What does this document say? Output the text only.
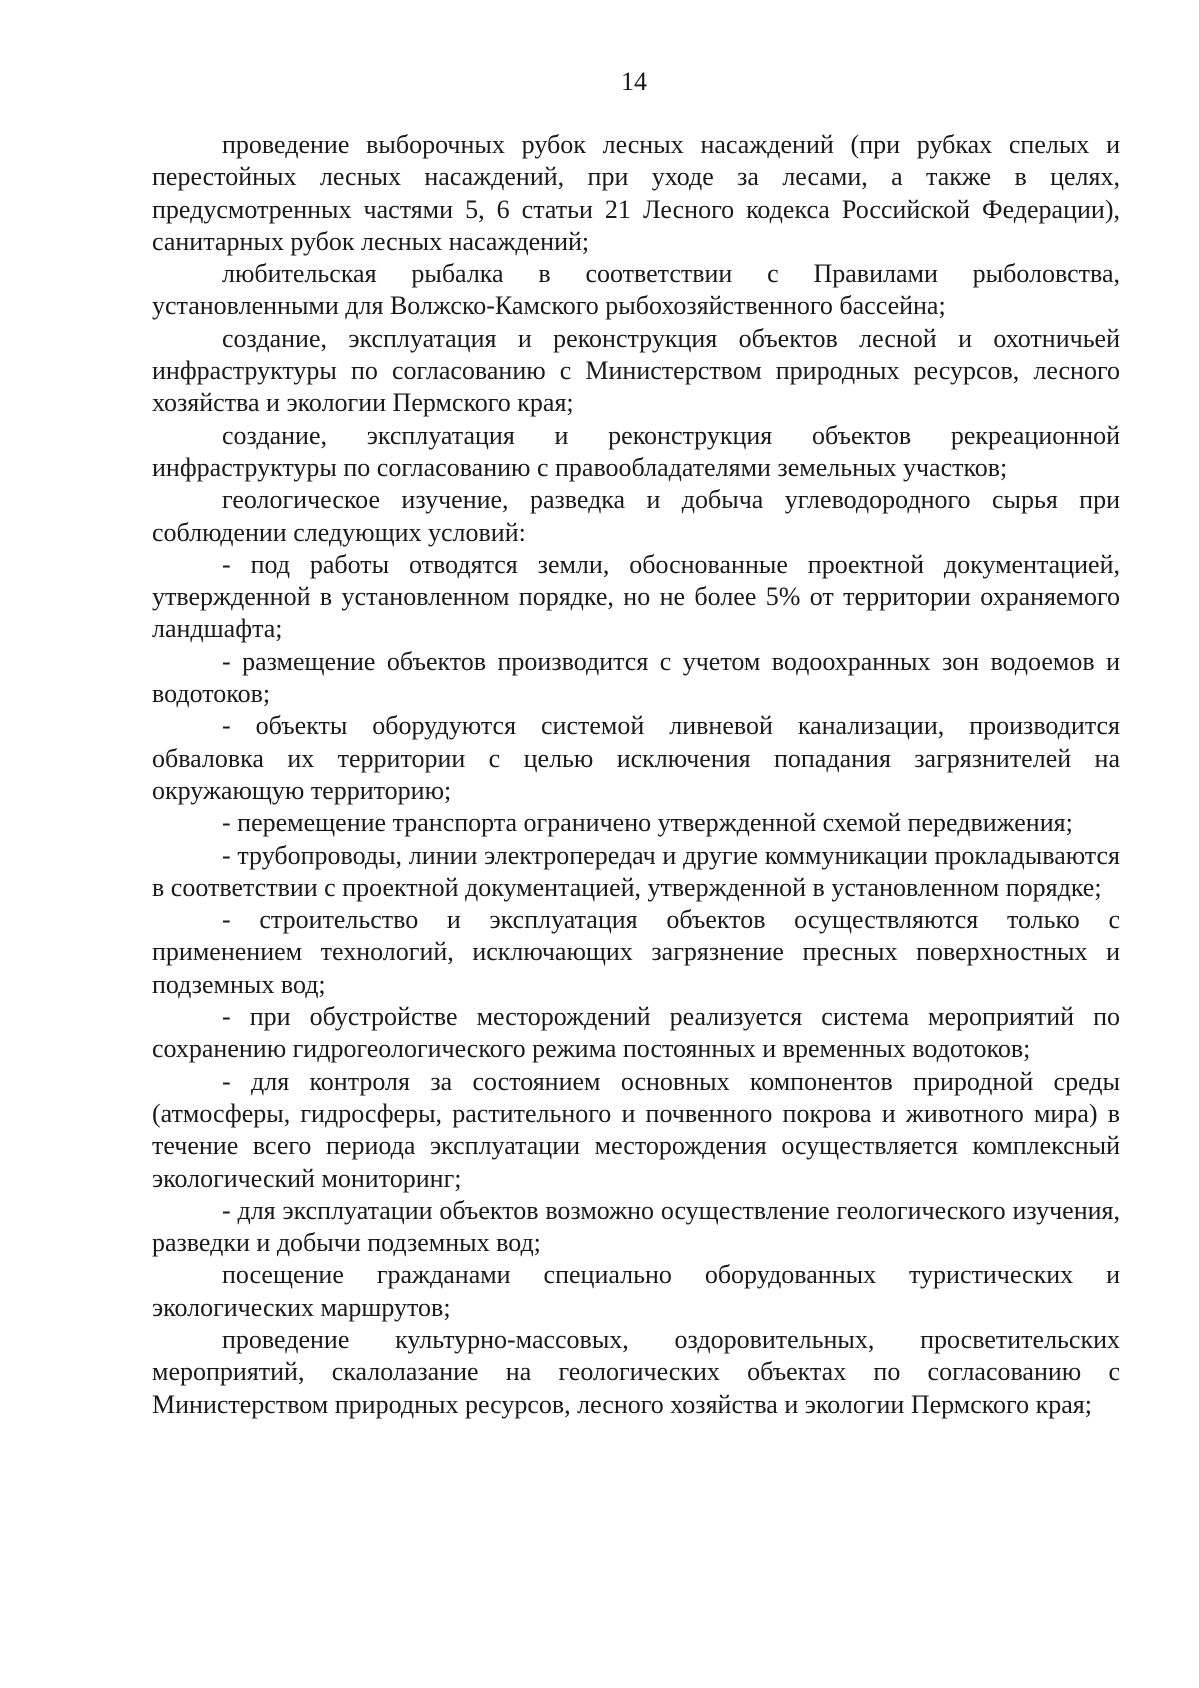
14

проведение выборочных рубок лесных насаждений (при рубках спелых и перестойных лесных насаждений, при уходе за лесами, а также в целях, предусмотренных частями 5, 6 статьи 21 Лесного кодекса Российской Федерации), санитарных рубок лесных насаждений;

любительская рыбалка в соответствии с Правилами рыболовства, установленными для Волжско-Камского рыбохозяйственного бассейна;

создание, эксплуатация и реконструкция объектов лесной и охотничьей инфраструктуры по согласованию с Министерством природных ресурсов, лесного хозяйства и экологии Пермского края;

создание, эксплуатация и реконструкция объектов рекреационной инфраструктуры по согласованию с правообладателями земельных участков;

геологическое изучение, разведка и добыча углеводородного сырья при соблюдении следующих условий:

- под работы отводятся земли, обоснованные проектной документацией, утвержденной в установленном порядке, но не более 5% от территории охраняемого ландшафта;

- размещение объектов производится с учетом водоохранных зон водоемов и водотоков;

- объекты оборудуются системой ливневой канализации, производится обваловка их территории с целью исключения попадания загрязнителей на окружающую территорию;

- перемещение транспорта ограничено утвержденной схемой передвижения;

- трубопроводы, линии электропередач и другие коммуникации прокладываются в соответствии с проектной документацией, утвержденной в установленном порядке;

- строительство и эксплуатация объектов осуществляются только с применением технологий, исключающих загрязнение пресных поверхностных и подземных вод;

- при обустройстве месторождений реализуется система мероприятий по сохранению гидрогеологического режима постоянных и временных водотоков;

- для контроля за состоянием основных компонентов природной среды (атмосферы, гидросферы, растительного и почвенного покрова и животного мира) в течение всего периода эксплуатации месторождения осуществляется комплексный экологический мониторинг;

- для эксплуатации объектов возможно осуществление геологического изучения, разведки и добычи подземных вод;

посещение гражданами специально оборудованных туристических и экологических маршрутов;

проведение культурно-массовых, оздоровительных, просветительских мероприятий, скалолазание на геологических объектах по согласованию с Министерством природных ресурсов, лесного хозяйства и экологии Пермского края;
